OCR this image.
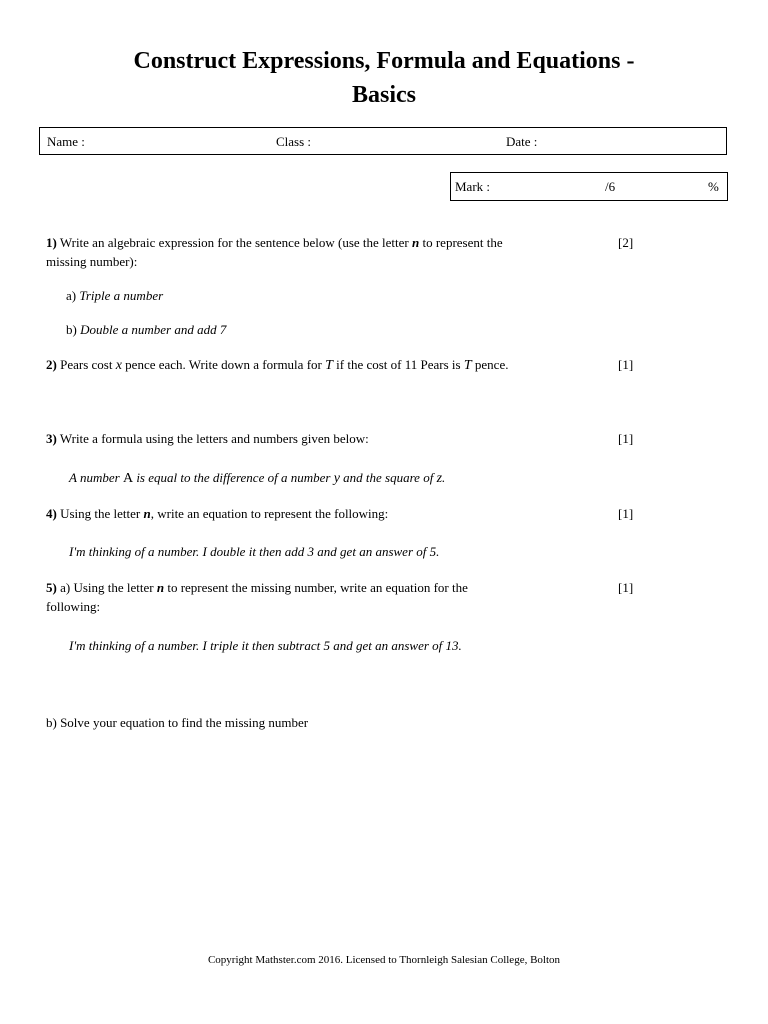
Construct Expressions, Formula and Equations -
Basics
Name :	Class :	Date :
Mark :	/6	%
1) Write an algebraic expression for the sentence below (use the letter n to represent the
missing number):
[2]
a) Triple a number
b) Double a number and add 7
2) Pears cost x pence each. Write down a formula for T if the cost of 11 Pears is T pence.	[1]
3) Write a formula using the letters and numbers given below:	[1]
A number A is equal to the difference of a number y and the square of z.
4) Using the letter n, write an equation to represent the following:	[1]
I'm thinking of a number. I double it then add 3 and get an answer of 5.
5) a) Using the letter n to represent the missing number, write an equation for the
following:
[1]
I'm thinking of a number. I triple it then subtract 5 and get an answer of 13.
b) Solve your equation to find the missing number
Copyright Mathster.com 2016. Licensed to Thornleigh Salesian College, Bolton
